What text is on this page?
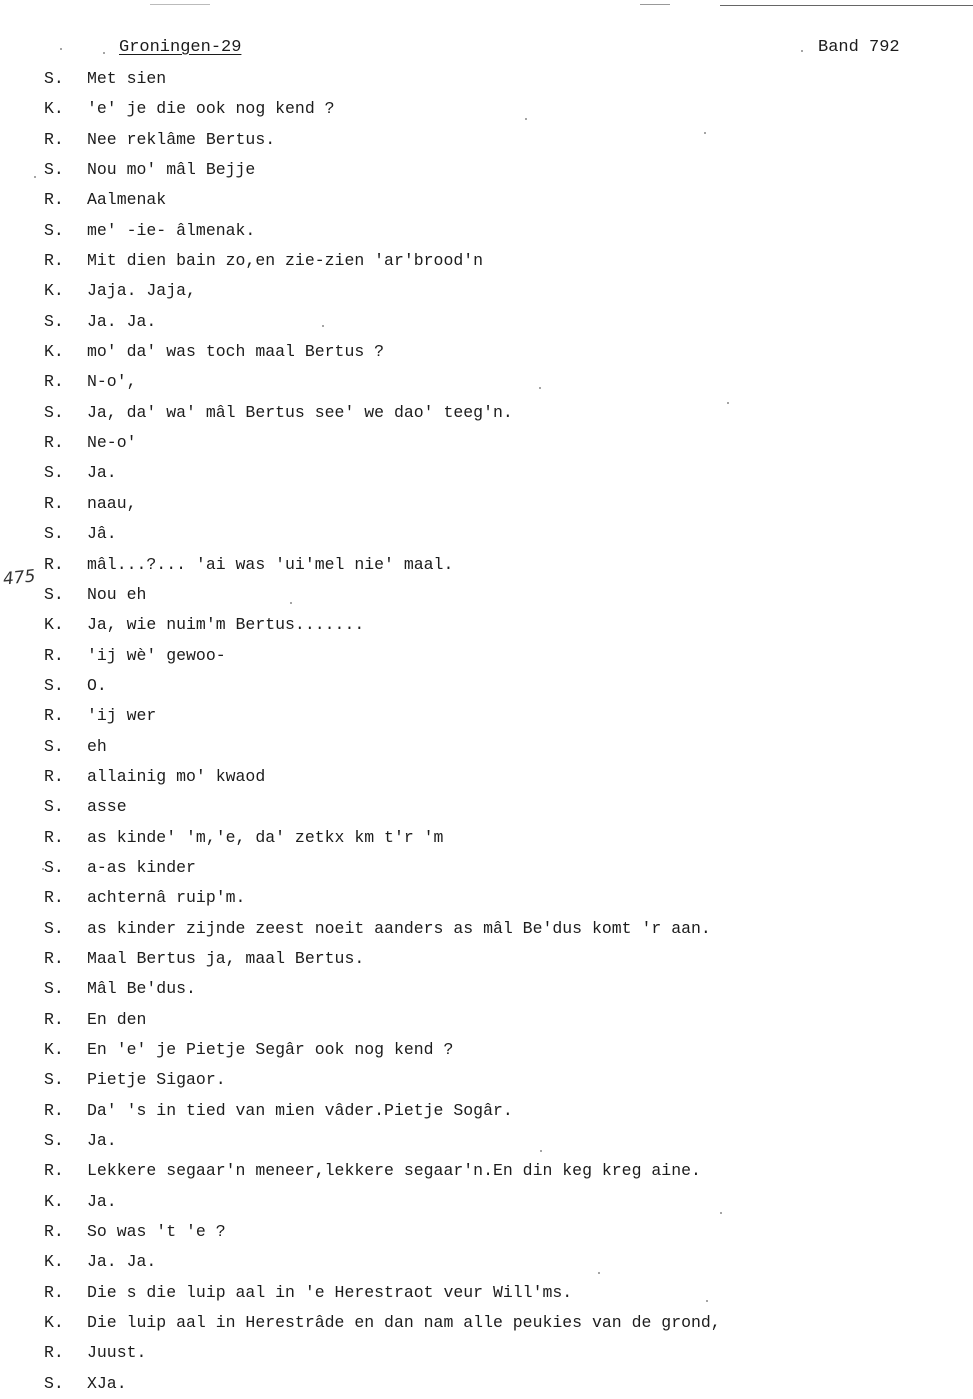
Groningen-29	Band 792
475
S. Met sien
K. 'e' je die ook nog kend ?
R. Nee reklâme Bertus.
S. Nou mo' mâl Bejje
R. Aalmenak
S. me' -ie- âlmenak.
R. Mit dien bain zo,en zie-zien 'ar'brood'n
K. Jaja. Jaja,
S. Ja. Ja.
K. mo' da' was toch maal Bertus ?
R. N-o',
S. Ja, da' wa' mâl Bertus see' we dao' teeg'n.
R. Ne-o'
S. Ja.
R. naau,
S. Jâ.
R. mâl...?... 'ai was 'ui'mel nie' maal.
S. Nou eh
K. Ja, wie nuim'm Bertus.......
R. 'ij wè' gewoo-
S. O.
R. 'ij wer
S. eh
R. allainig mo' kwaod
S. asse
R. as kinde' 'm,'e, da' zetkx km t'r 'm
S. a-as kinder
R. achternâ ruip'm.
S. as kinder zijnde zeest noeit aanders as mâl Be'dus komt 'r aan.
R. Maal Bertus ja, maal Bertus.
S. Mâl Be'dus.
R. En den
K. En 'e' je Pietje Segâr ook nog kend ?
S. Pietje Sigaor.
R. Da' 's in tied van mien vâder.Pietje Sogâr.
S. Ja.
R. Lekkere segaar'n meneer,lekkere segaar'n.En din keg kreg aine.
K. Ja.
R. So was 't 'e ?
K. Ja. Ja.
R. Die s die luip aal in 'e Herestraot veur Will'ms.
K. Die luip aal in Herestrâde en dan nam alle peukies van de grond,
R. Juust.
S. XJa.
